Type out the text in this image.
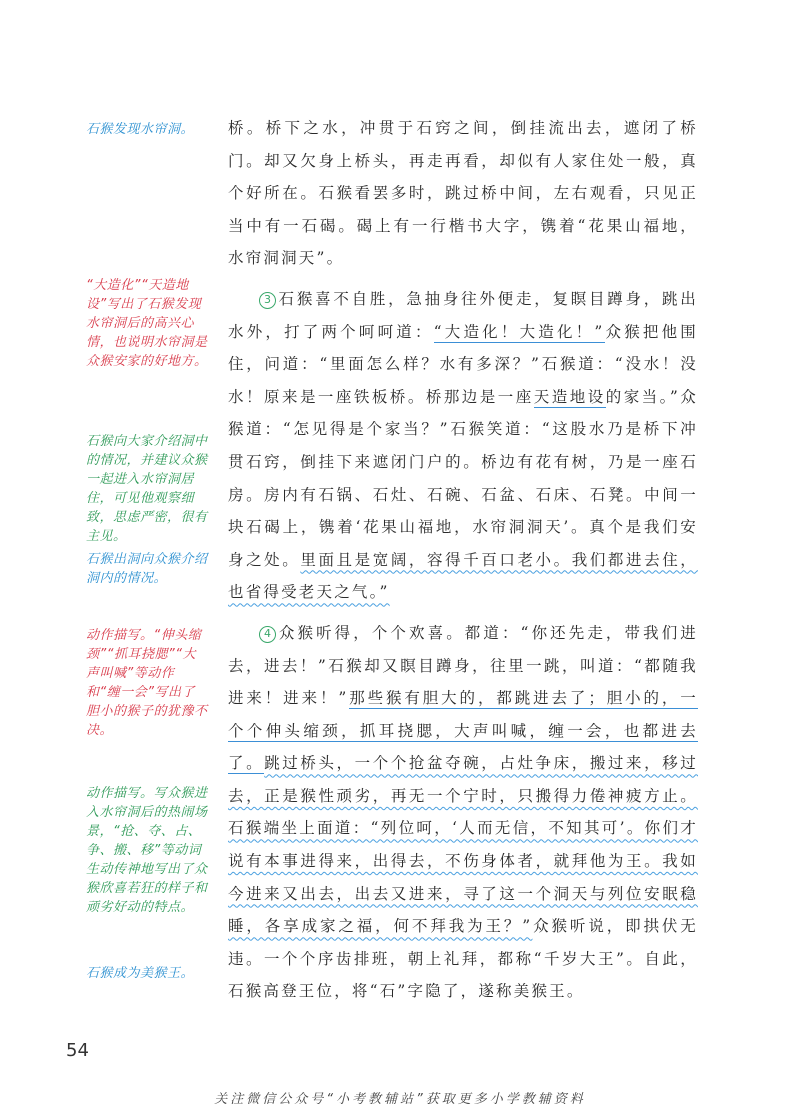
石猴发现水帘洞。
“大造化”“天造地设”写出了石猴发现水帘洞后的高兴心情，也说明水帘洞是众猴安家的好地方。
石猴向大家介绍洞中的情况，并建议众猴一起进入水帘洞居住，可见他观察细致，思虑严密，很有主见。
石猴出洞向众猴介绍洞内的情况。
动作描写。“伸头缩颈”“抓耳挠腮”“大声叫喊”等动作和“缠一会”写出了胆小的猴子的犹豫不决。
动作描写。写众猴进入水帘洞后的热闹场景，“抢、夺、占、争、搬、移”等动词生动传神地写出了众猴欣喜若狂的样子和顽劣好动的特点。
石猴成为美猴王。

桥。桥下之水，冲贯于石窍之间，倒挂流出去，遮闭了桥门。却又欠身上桥头，再走再看，却似有人家住处一般，真个好所在。石猴看罢多时，跳过桥中间，左右观看，只见正当中有一石碣。碣上有一行楷书大字，镌着“花果山福地，水帘洞洞天”。

3 石猴喜不自胜，急抽身往外便走，复瞑目蹲身，跳出水外，打了两个呵呵道：“大造化！大造化！”众猴把他围住，问道：“里面怎么样？水有多深？”石猴道：“没水！没水！原来是一座铁板桥。桥那边是一座天造地设的家当。”众猴道：“怎见得是个家当？”石猴笑道：“这股水乃是桥下冲贯石窍，倒挂下来遮闭门户的。桥边有花有树，乃是一座石房。房内有石锅、石灶、石碗、石盆、石床、石凳。中间一块石碣上，镌着‘花果山福地，水帘洞洞天’。真个是我们安身之处。里面且是宽阔，容得千百口老小。我们都进去住，也省得受老天之气。”

4 众猴听得，个个欢喜。都道：“你还先走，带我们进去，进去！”石猴却又瞑目蹲身，往里一跳，叫道：“都随我进来！进来！”那些猴有胆大的，都跳进去了；胆小的，一个个伸头缩颈，抓耳挠腮，大声叫喊，缠一会，也都进去了。跳过桥头，一个个抢盆夺碗，占灶争床，搬过来，移过去，正是猴性顽劣，再无一个宁时，只搬得力倦神疲方止。石猴端坐上面道：“列位呵，‘人而无信，不知其可’。你们才说有本事进得来，出得去，不伤身体者，就拜他为王。我如今进来又出去，出去又进来，寻了这一个洞天与列位安眠稳睡，各享成家之福，何不拜我为王？”众猴听说，即拱伏无违。一个个序齿排班，朝上礼拜，都称“千岁大王”。自此，石猴高登王位，将“石”字隐了，遂称美猴王。

54
关注微信公众号“小考教辅站”获取更多小学教辅资料
